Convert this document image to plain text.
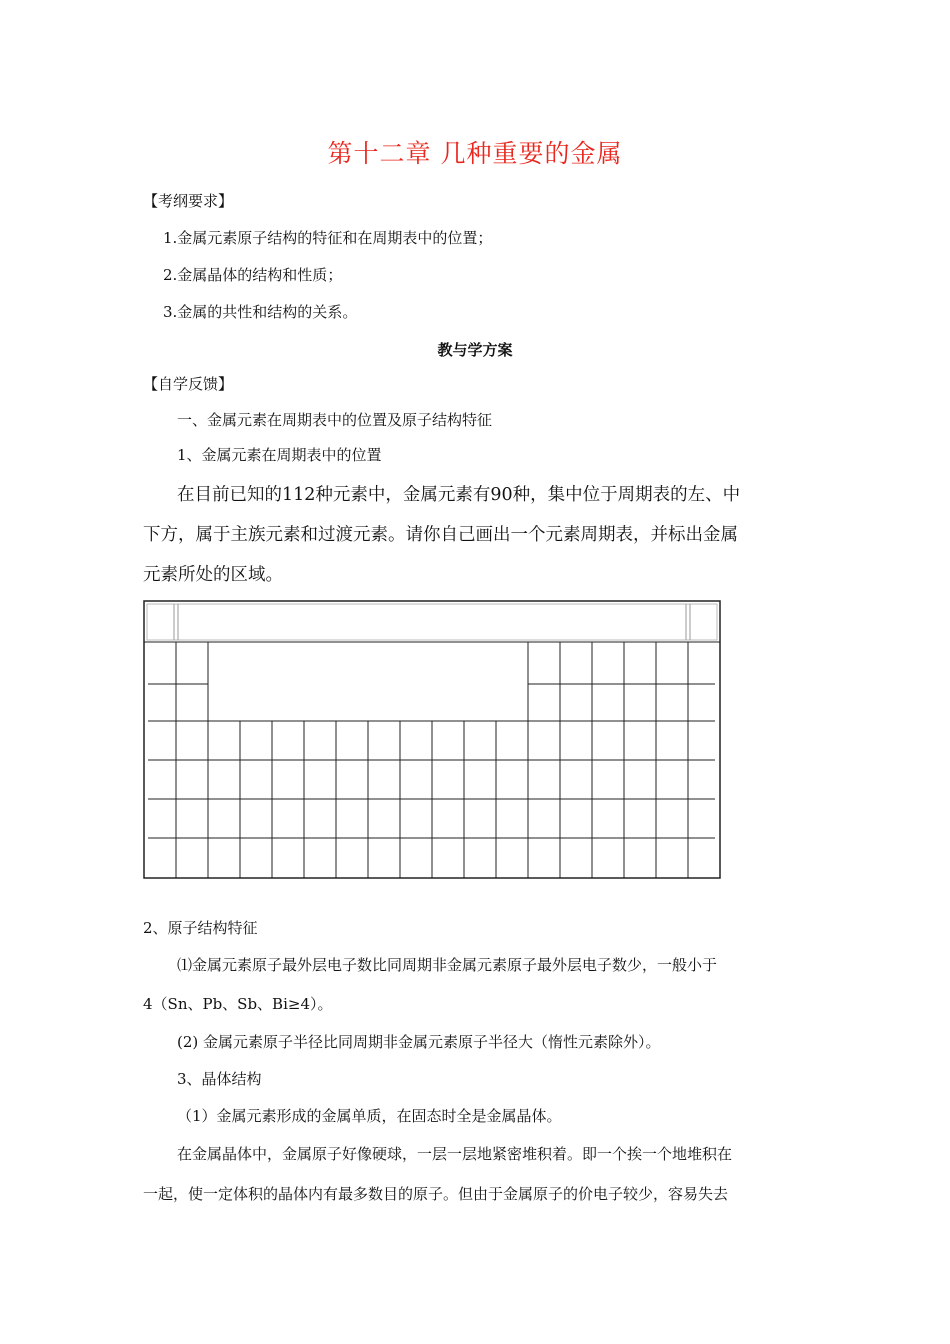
第十二章 几种重要的金属
【考纲要求】
1.金属元素原子结构的特征和在周期表中的位置；
2.金属晶体的结构和性质；
3.金属的共性和结构的关系。
教与学方案
【自学反馈】
一、金属元素在周期表中的位置及原子结构特征
1、金属元素在周期表中的位置
在目前已知的112种元素中，金属元素有90种，集中位于周期表的左、中
下方，属于主族元素和过渡元素。请你自己画出一个元素周期表，并标出金属
元素所处的区域。
2、原子结构特征
⑴金属元素原子最外层电子数比同周期非金属元素原子最外层电子数少，一般小于
4（Sn、Pb、Sb、Bi≥4）。
(2) 金属元素原子半径比同周期非金属元素原子半径大（惰性元素除外）。
3、晶体结构
（1）金属元素形成的金属单质，在固态时全是金属晶体。
在金属晶体中，金属原子好像硬球，一层一层地紧密堆积着。即一个挨一个地堆积在
一起，使一定体积的晶体内有最多数目的原子。但由于金属原子的价电子较少，容易失去
